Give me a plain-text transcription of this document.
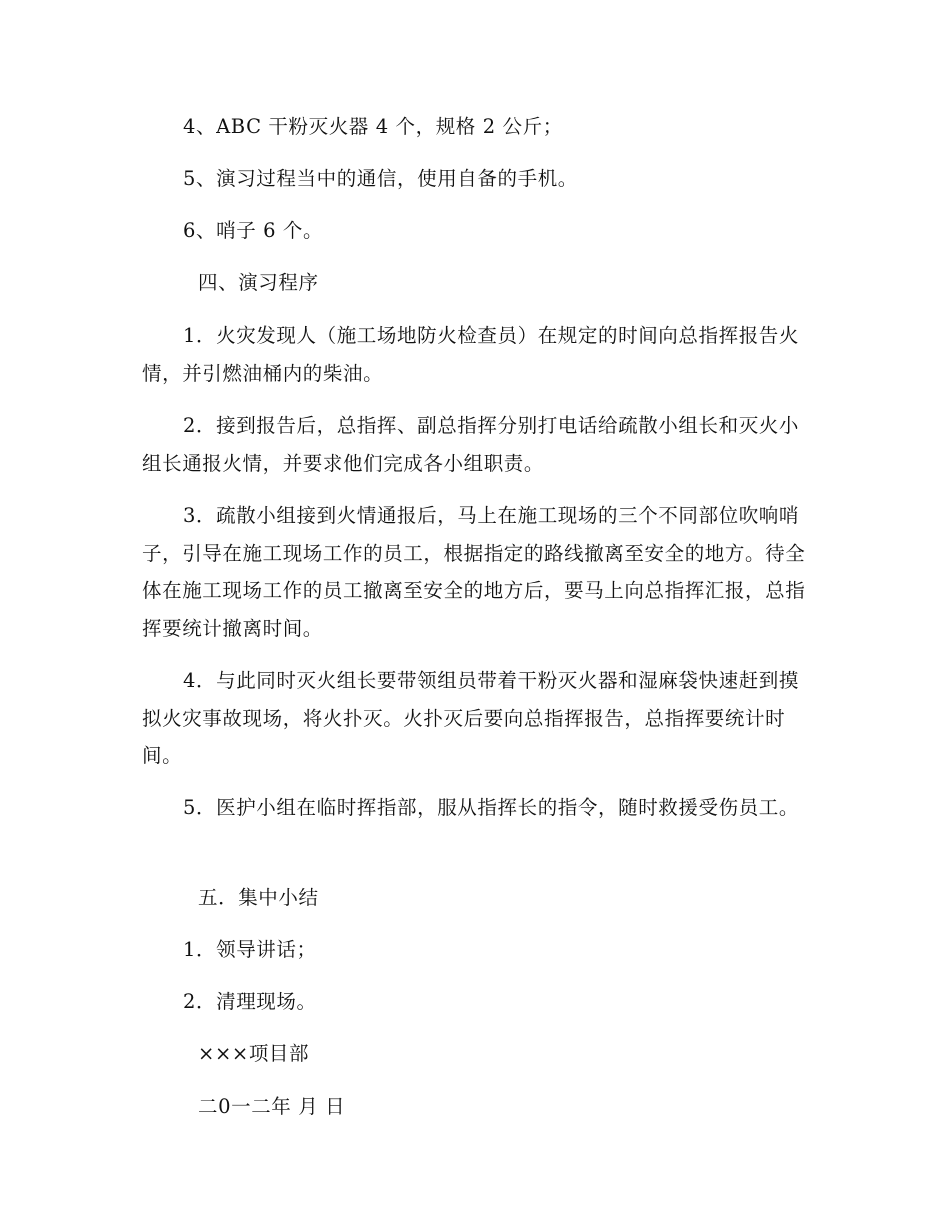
4、ABC 干粉灭火器 4 个，规格 2 公斤；

5、演习过程当中的通信，使用自备的手机。

6、哨子 6 个。

四、演习程序

1．火灾发现人（施工场地防火检查员）在规定的时间向总指挥报告火情，并引燃油桶内的柴油。

2．接到报告后，总指挥、副总指挥分别打电话给疏散小组长和灭火小组长通报火情，并要求他们完成各小组职责。

3．疏散小组接到火情通报后，马上在施工现场的三个不同部位吹响哨子，引导在施工现场工作的员工，根据指定的路线撤离至安全的地方。待全体在施工现场工作的员工撤离至安全的地方后，要马上向总指挥汇报，总指挥要统计撤离时间。

4．与此同时灭火组长要带领组员带着干粉灭火器和湿麻袋快速赶到摸拟火灾事故现场，将火扑灭。火扑灭后要向总指挥报告，总指挥要统计时间。

5．医护小组在临时挥指部，服从指挥长的指令，随时救援受伤员工。

五．集中小结

1．领导讲话；

2．清理现场。

×××项目部

二0一二年 月 日
